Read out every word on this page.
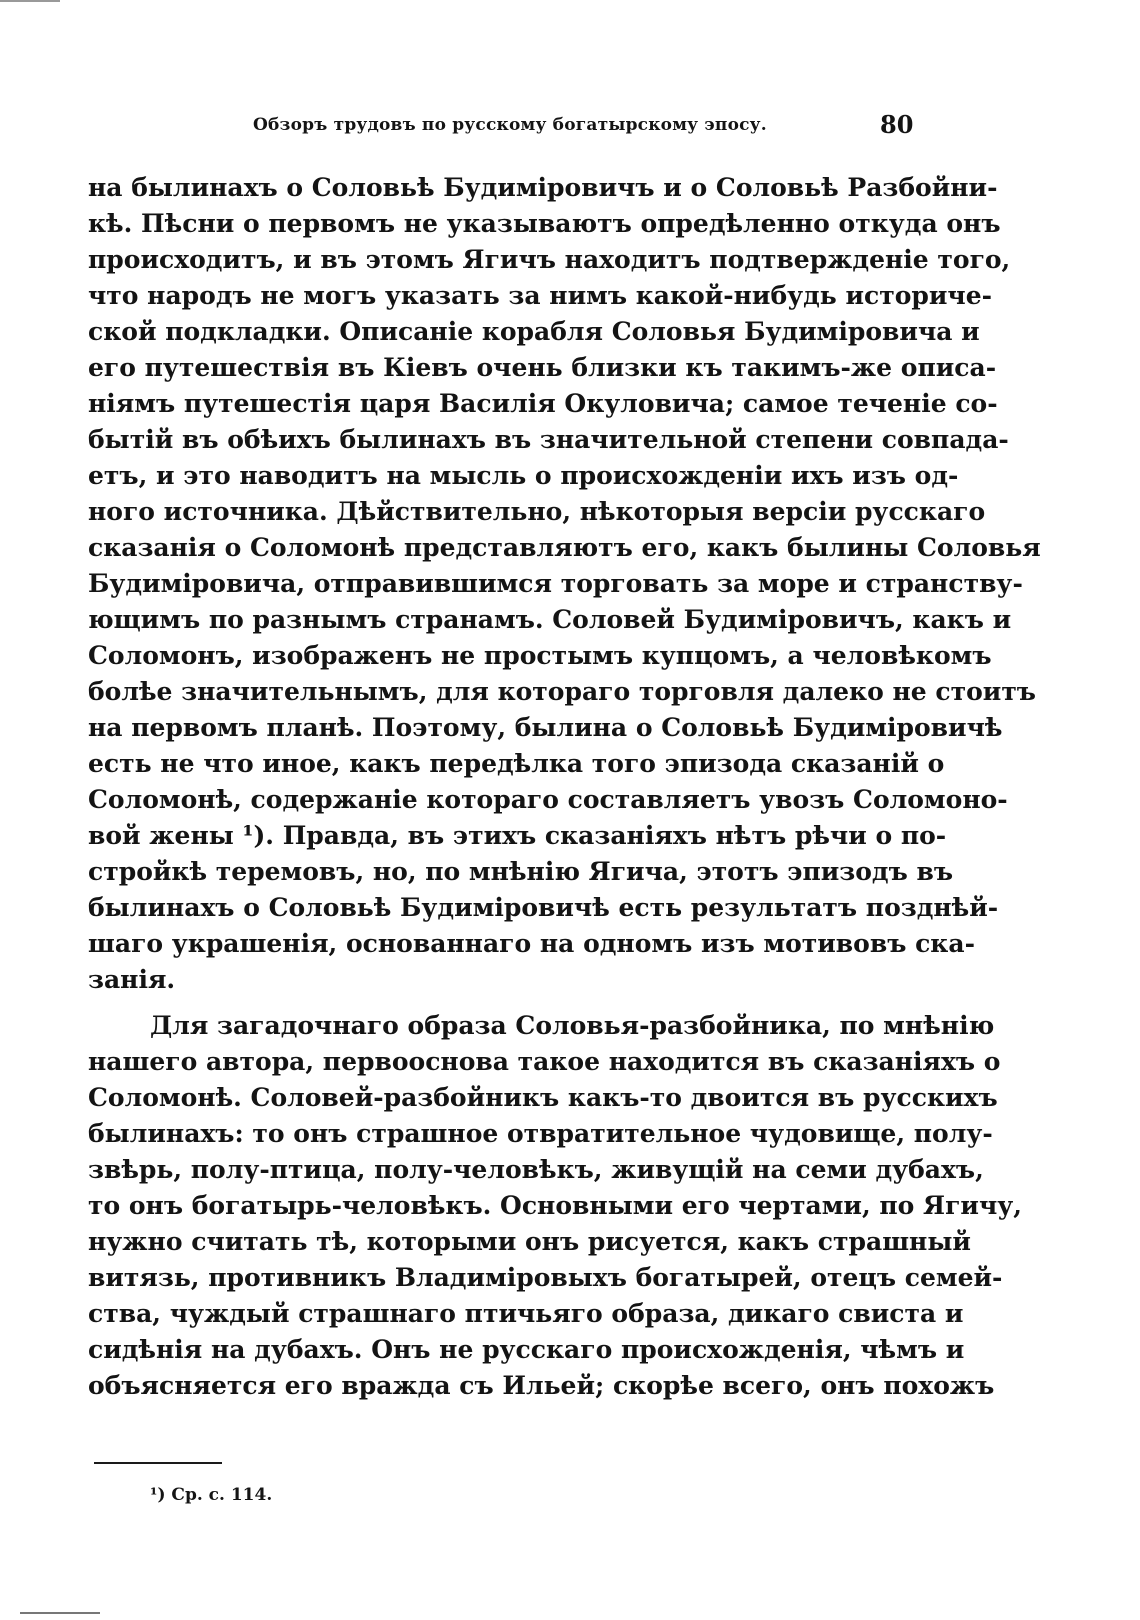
Обзоръ трудовъ по русскому богатырскому эпосу.	80
на былинахъ о Соловьѣ Будиміровичъ и о Соловьѣ Разбойни-
кѣ. Пѣсни о первомъ не указываютъ опредѣленно откуда онъ
происходитъ, и въ этомъ Ягичъ находитъ подтвержденіе того,
что народъ не могъ указать за нимъ какой-нибудь историче-
ской подкладки. Описаніе корабля Соловья Будиміровича и
его путешествія въ Кіевъ очень близки къ такимъ-же описа-
ніямъ путешестія царя Василія Окуловича; самое теченіе со-
бытій въ обѣихъ былинахъ въ значительной степени совпада-
етъ, и это наводитъ на мысль о происхожденіи ихъ изъ од-
ного источника. Дѣйствительно, нѣкоторыя версіи русскаго
сказанія о Соломонѣ представляютъ его, какъ былины Соловья
Будиміровича, отправившимся торговать за море и странству-
ющимъ по разнымъ странамъ. Соловей Будиміровичъ, какъ и
Соломонъ, изображенъ не простымъ купцомъ, а человѣкомъ
болѣе значительнымъ, для котораго торговля далеко не стоитъ
на первомъ планѣ. Поэтому, былина о Соловьѣ Будиміровичѣ
есть не что иное, какъ передѣлка того эпизода сказаній о
Соломонѣ, содержаніе котораго составляетъ увозъ Соломоно-
вой жены ¹). Правда, въ этихъ сказаніяхъ нѣтъ рѣчи о по-
стройкѣ теремовъ, но, по мнѣнію Ягича, этотъ эпизодъ въ
былинахъ о Соловьѣ Будиміровичѣ есть результатъ позднѣй-
шаго украшенія, основаннаго на одномъ изъ мотивовъ ска-
занія.
Для загадочнаго образа Соловья-разбойника, по мнѣнію
нашего автора, первооснова такое находится въ сказаніяхъ о
Соломонѣ. Соловей-разбойникъ какъ-то двоится въ русскихъ
былинахъ: то онъ страшное отвратительное чудовище, полу-
звѣрь, полу-птица, полу-человѣкъ, живущій на семи дубахъ,
то онъ богатырь-человѣкъ. Основными его чертами, по Ягичу,
нужно считать тѣ, которыми онъ рисуется, какъ страшный
витязь, противникъ Владиміровыхъ богатырей, отецъ семей-
ства, чуждый страшнаго птичьяго образа, дикаго свиста и
сидѣнія на дубахъ. Онъ не русскаго происхожденія, чѣмъ и
объясняется его вражда съ Ильей; скорѣе всего, онъ похожъ
¹) Ср. с. 114.
